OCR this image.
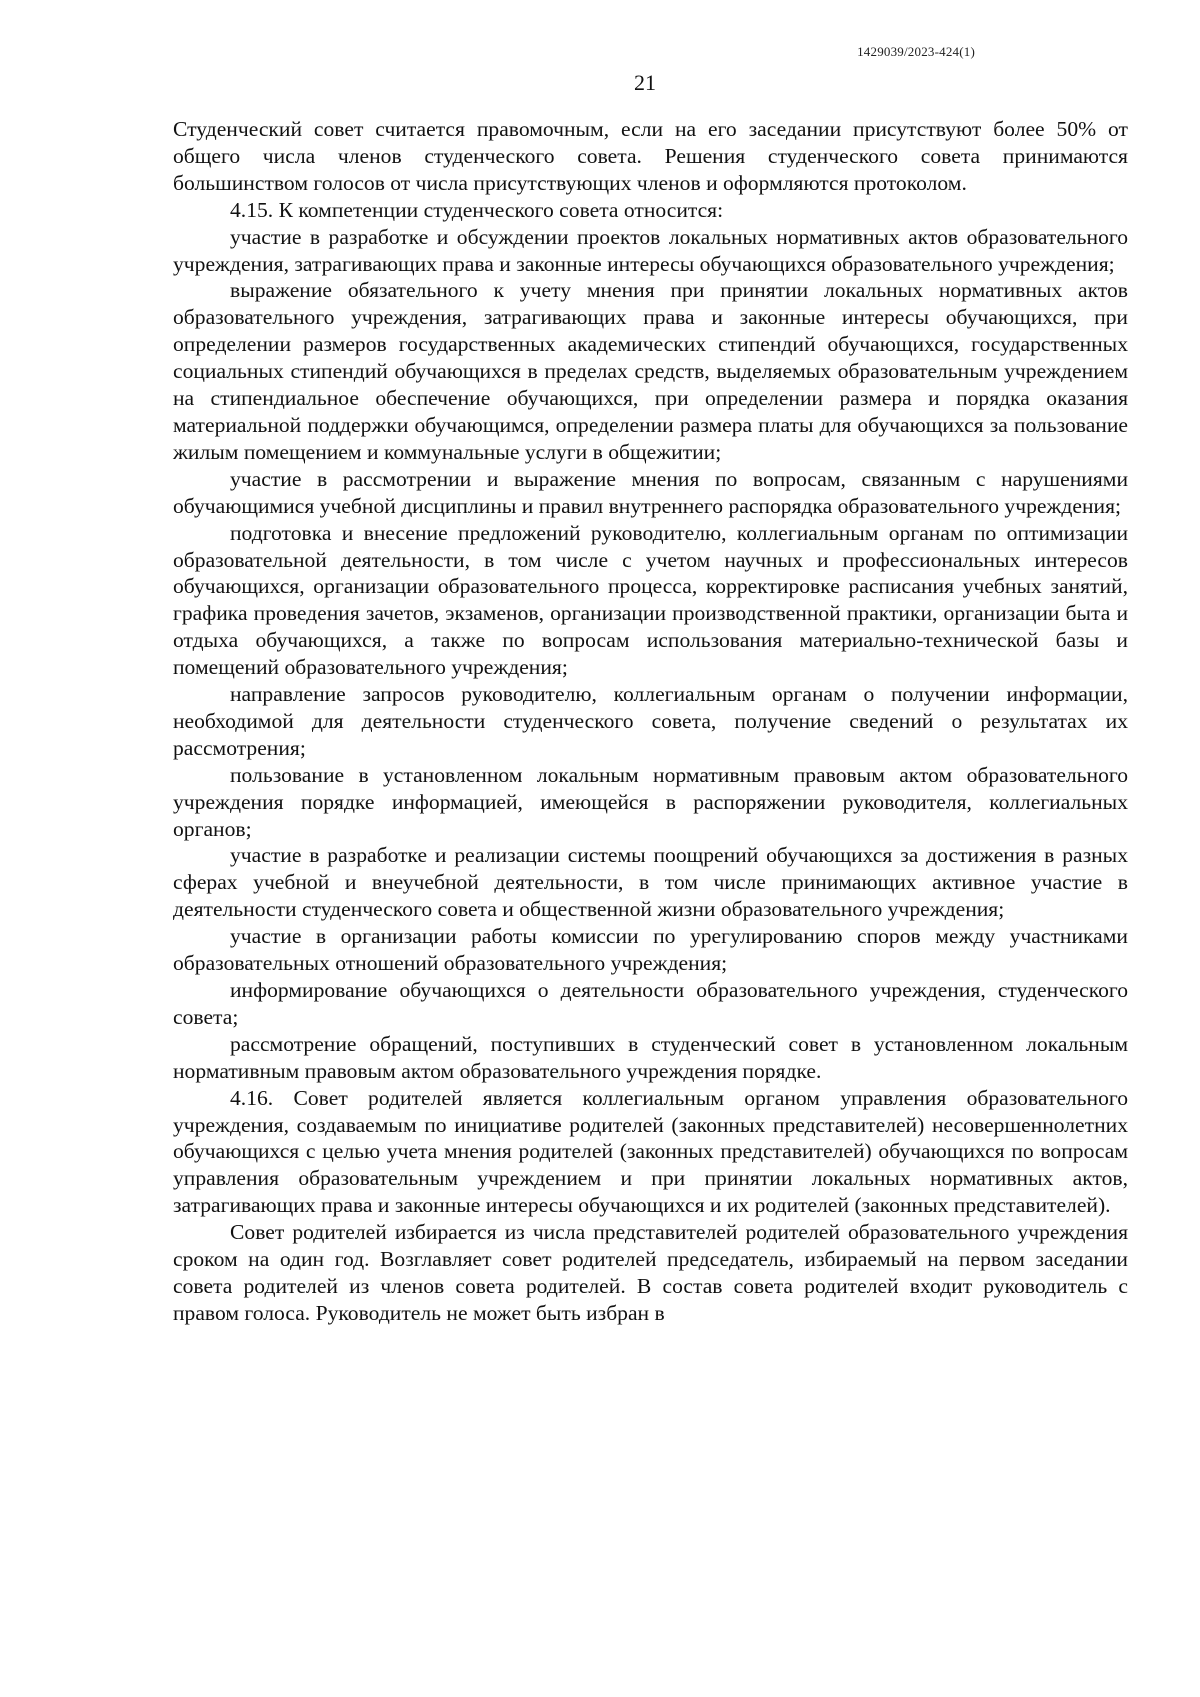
1429039/2023-424(1)
21

Студенческий совет считается правомочным, если на его заседании присутствуют более 50% от общего числа членов студенческого совета. Решения студенческого совета принимаются большинством голосов от числа присутствующих членов и оформляются протоколом.

4.15. К компетенции студенческого совета относится:

участие в разработке и обсуждении проектов локальных нормативных актов образовательного учреждения, затрагивающих права и законные интересы обучающихся образовательного учреждения;

выражение обязательного к учету мнения при принятии локальных нормативных актов образовательного учреждения, затрагивающих права и законные интересы обучающихся, при определении размеров государственных академических стипендий обучающихся, государственных социальных стипендий обучающихся в пределах средств, выделяемых образовательным учреждением на стипендиальное обеспечение обучающихся, при определении размера и порядка оказания материальной поддержки обучающимся, определении размера платы для обучающихся за пользование жилым помещением и коммунальные услуги в общежитии;

участие в рассмотрении и выражение мнения по вопросам, связанным с нарушениями обучающимися учебной дисциплины и правил внутреннего распорядка образовательного учреждения;

подготовка и внесение предложений руководителю, коллегиальным органам по оптимизации образовательной деятельности, в том числе с учетом научных и профессиональных интересов обучающихся, организации образовательного процесса, корректировке расписания учебных занятий, графика проведения зачетов, экзаменов, организации производственной практики, организации быта и отдыха обучающихся, а также по вопросам использования материально-технической базы и помещений образовательного учреждения;

направление запросов руководителю, коллегиальным органам о получении информации, необходимой для деятельности студенческого совета, получение сведений о результатах их рассмотрения;

пользование в установленном локальным нормативным правовым актом образовательного учреждения порядке информацией, имеющейся в распоряжении руководителя, коллегиальных органов;

участие в разработке и реализации системы поощрений обучающихся за достижения в разных сферах учебной и внеучебной деятельности, в том числе принимающих активное участие в деятельности студенческого совета и общественной жизни образовательного учреждения;

участие в организации работы комиссии по урегулированию споров между участниками образовательных отношений образовательного учреждения;

информирование обучающихся о деятельности образовательного учреждения, студенческого совета;

рассмотрение обращений, поступивших в студенческий совет в установленном локальным нормативным правовым актом образовательного учреждения порядке.

4.16. Совет родителей является коллегиальным органом управления образовательного учреждения, создаваемым по инициативе родителей (законных представителей) несовершеннолетних обучающихся с целью учета мнения родителей (законных представителей) обучающихся по вопросам управления образовательным учреждением и при принятии локальных нормативных актов, затрагивающих права и законные интересы обучающихся и их родителей (законных представителей).

Совет родителей избирается из числа представителей родителей образовательного учреждения сроком на один год. Возглавляет совет родителей председатель, избираемый на первом заседании совета родителей из членов совета родителей. В состав совета родителей входит руководитель с правом голоса. Руководитель не может быть избран в
